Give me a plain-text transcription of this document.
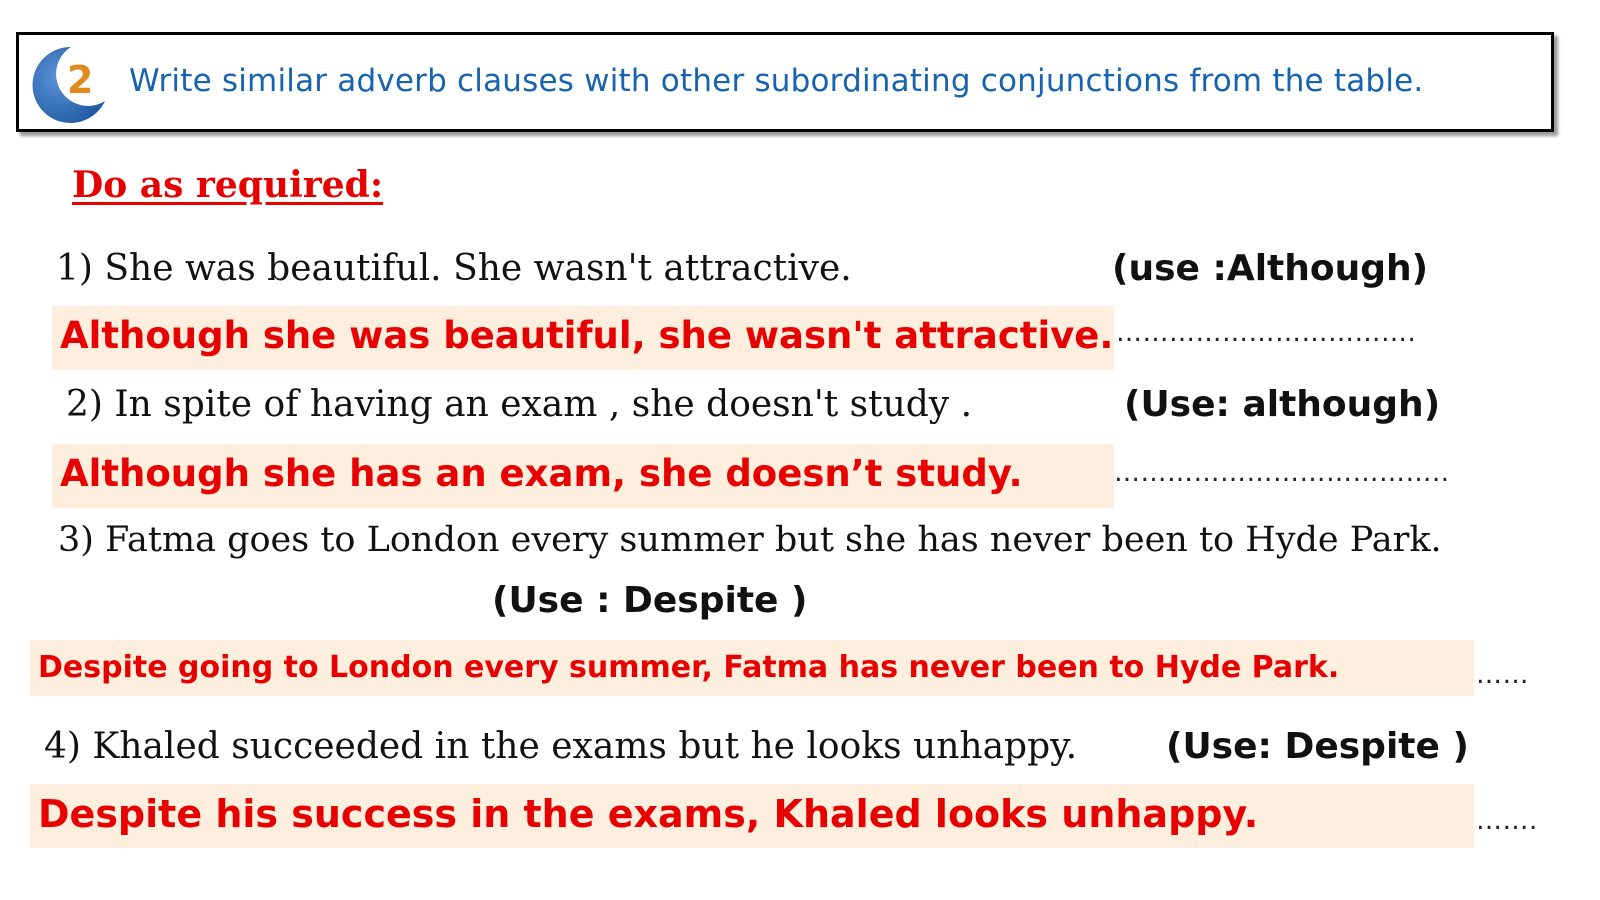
2 Write similar adverb clauses with other subordinating conjunctions from the table.
Do as required:
1) She was beautiful. She wasn't attractive.	(use :Although)
Although she was beautiful, she wasn't attractive. …………………………….
2) In spite of having an exam , she doesn't study .	(Use: although)
Although she has an exam, she doesn’t study.	………………………………..
3) Fatma goes to London every summer but she has never been to Hyde Park.
(Use : Despite )
Despite going to London every summer, Fatma has never been to Hyde Park.	……
4) Khaled succeeded in the exams but he looks unhappy. (Use: Despite )
Despite his success in the exams, Khaled looks unhappy.	…….
